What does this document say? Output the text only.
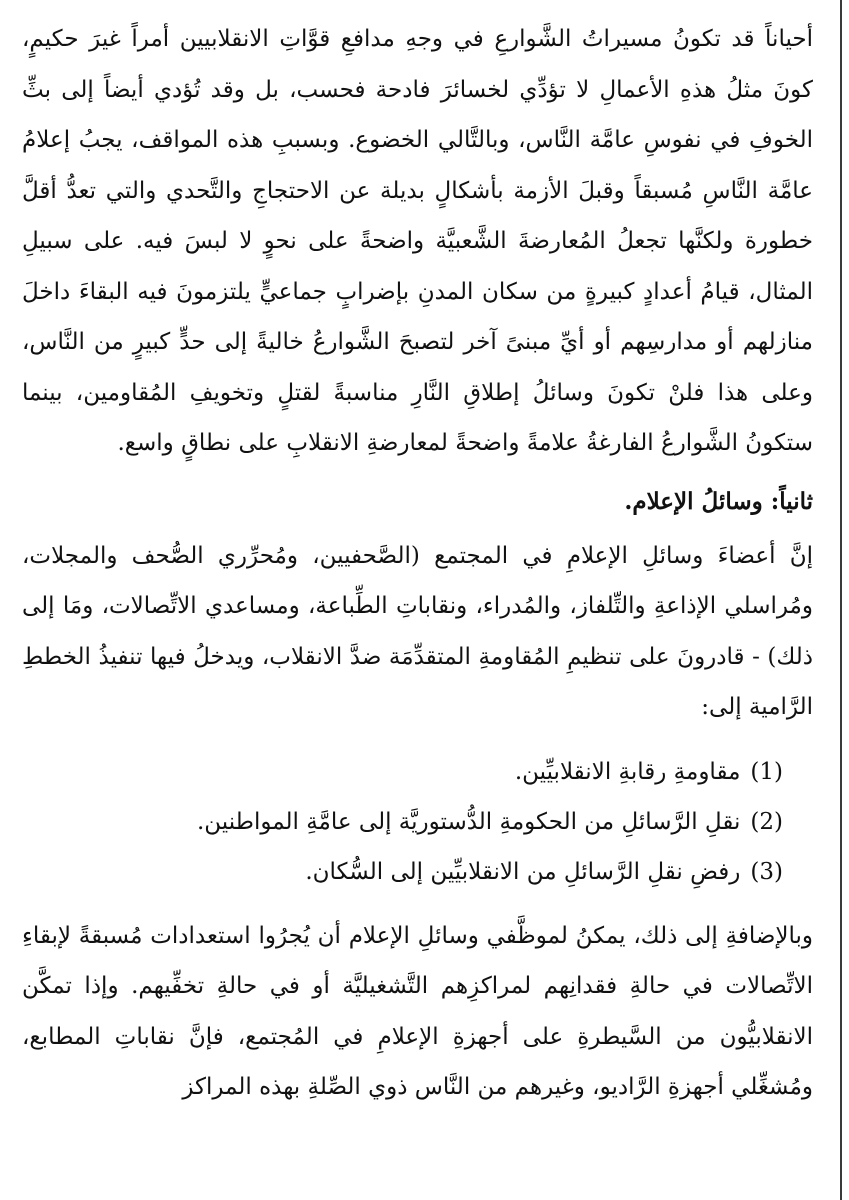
أحياناً قد تكونُ مسيراتُ الشَّوارعِ في وجهِ مدافعِ قوَّاتِ الانقلابيين أمراً غيرَ حكيمٍ، كونَ مثلُ هذهِ الأعمالِ لا تؤدِّي لخسائرَ فادحة فحسب، بل وقد تُؤدي أيضاً إلى بثِّ الخوفِ في نفوسِ عامَّة النَّاس، وبالتَّالي الخضوع. وبسببِ هذه المواقف، يجبُ إعلامُ عامَّة النَّاسِ مُسبقاً وقبلَ الأزمة بأشكالٍ بديلة عن الاحتجاجِ والتَّحدي والتي تعدُّ أقلَّ خطورة ولكنَّها تجعلُ المُعارضةَ الشَّعبيَّة واضحةً على نحوٍ لا لبسَ فيه. على سبيلِ المثال، قيامُ أعدادٍ كبيرةٍ من سكان المدنِ بإضرابٍ جماعيٍّ يلتزمونَ فيه البقاءَ داخلَ منازلهم أو مدارسِهم أو أيِّ مبنىً آخر لتصبحَ الشَّوارعُ خاليةً إلى حدٍّ كبيرٍ من النَّاس، وعلى هذا فلنْ تكونَ وسائلُ إطلاقِ النَّارِ مناسبةً لقتلٍ وتخويفِ المُقاومين، بينما ستكونُ الشَّوارعُ الفارغةُ علامةً واضحةً لمعارضةِ الانقلابِ على نطاقٍ واسع.

ثانياً: وسائلُ الإعلام.

إنَّ أعضاءَ وسائلِ الإعلامِ في المجتمع (الصَّحفيين، ومُحرِّري الصُّحف والمجلات، ومُراسلي الإذاعةِ والتِّلفاز، والمُدراء، ونقاباتِ الطِّباعة، ومساعدي الاتِّصالات، ومَا إلى ذلك) - قادرونَ على تنظيمِ المُقاومةِ المتقدِّمَة ضدَّ الانقلاب، ويدخلُ فيها تنفيذُ الخططِ الرَّامية إلى:

(1)
مقاومةِ رقابةِ الانقلابيِّين.
(2)
نقلِ الرَّسائلِ من الحكومةِ الدُّستوريَّة إلى عامَّةِ المواطنين.
(3)
رفضِ نقلِ الرَّسائلِ من الانقلابيِّين إلى السُّكان.

وبالإضافةِ إلى ذلك، يمكنُ لموظَّفي وسائلِ الإعلام أن يُجرُوا استعدادات مُسبقةً لإبقاءِ الاتِّصالات في حالةِ فقدانِهم لمراكزِهم التَّشغيليَّة أو في حالةِ تخفِّيهم. وإذا تمكَّن الانقلابيُّون من السَّيطرةِ على أجهزةِ الإعلامِ في المُجتمع، فإنَّ نقاباتِ المطابع، ومُشغِّلي أجهزةِ الرَّاديو، وغيرهم من النَّاس ذوي الصِّلةِ بهذه المراكز
